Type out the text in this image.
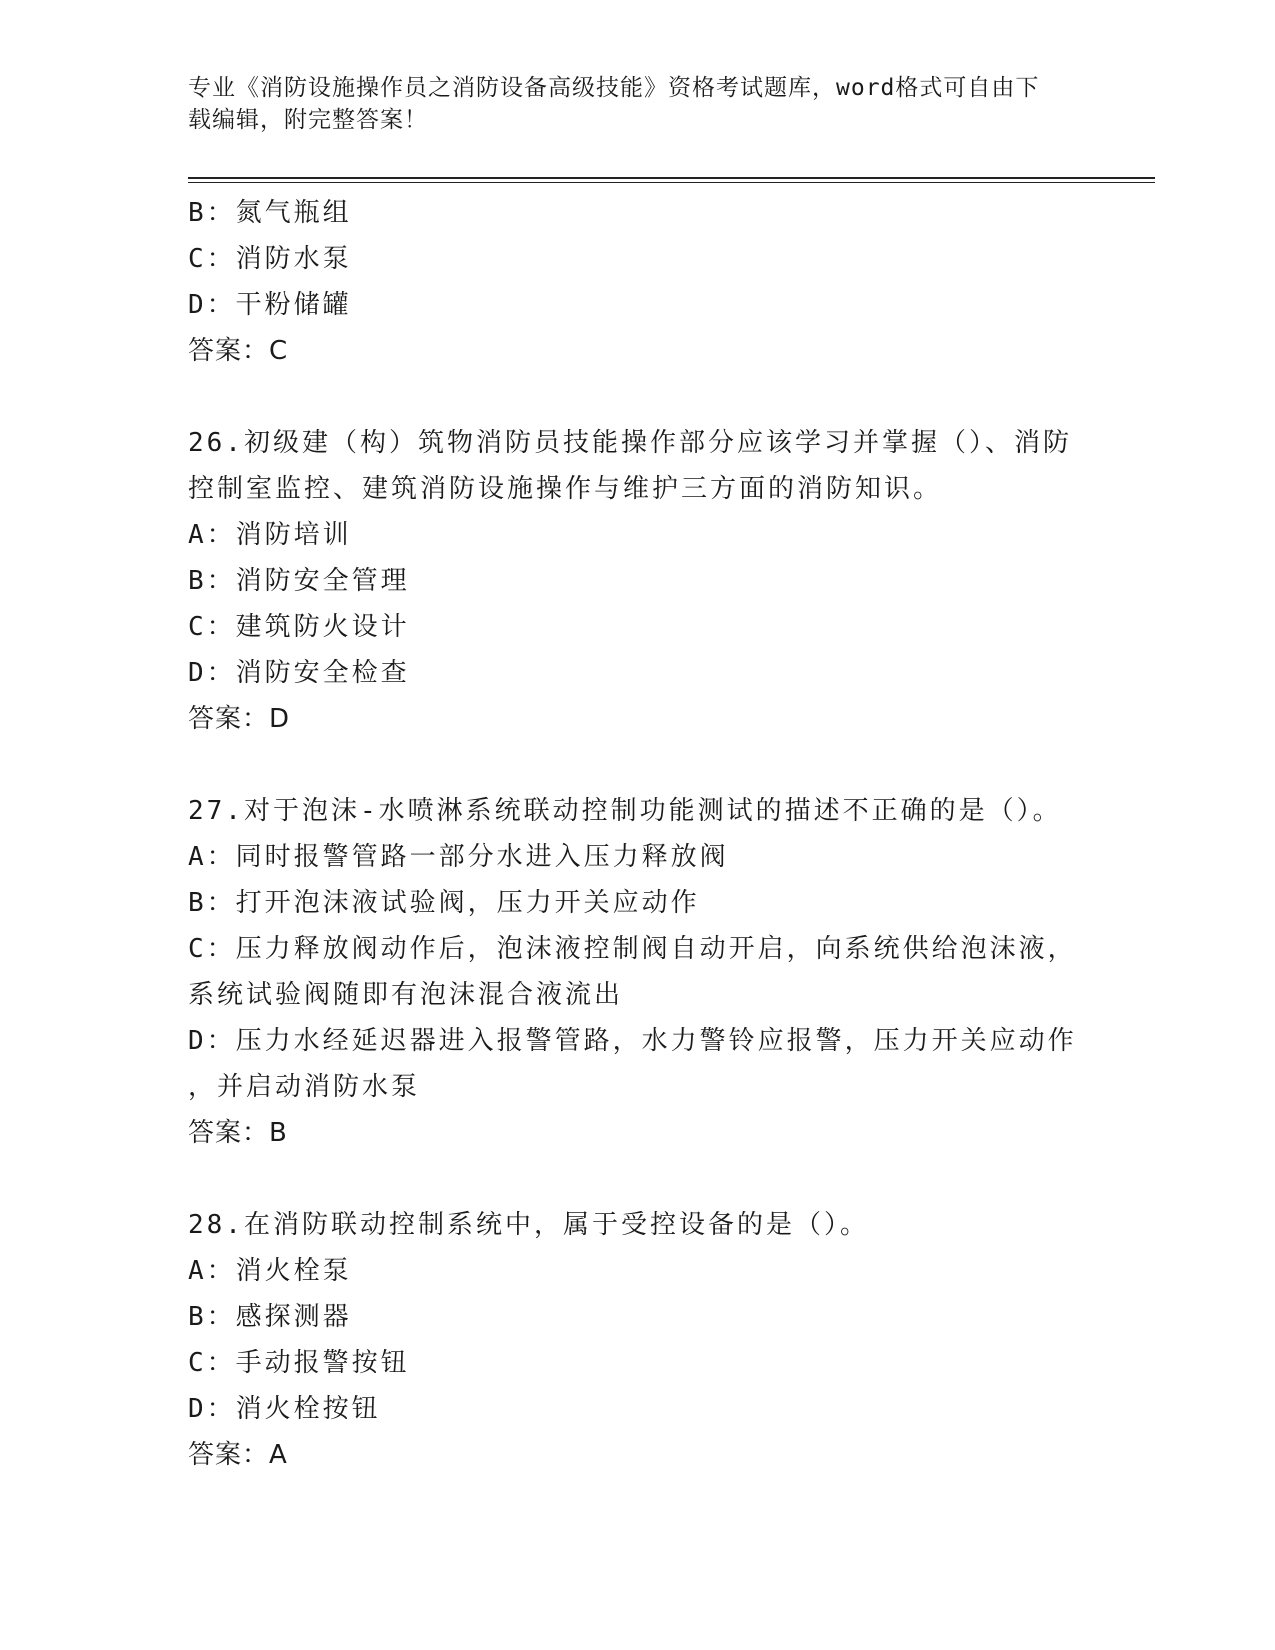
专业《消防设施操作员之消防设备高级技能》资格考试题库，word格式可自由下
载编辑，附完整答案！
B：氮气瓶组
C：消防水泵
D：干粉储罐
答案：C
26.初级建（构）筑物消防员技能操作部分应该学习并掌握（）、消防
控制室监控、建筑消防设施操作与维护三方面的消防知识。
A：消防培训
B：消防安全管理
C：建筑防火设计
D：消防安全检查
答案：D
27.对于泡沫-水喷淋系统联动控制功能测试的描述不正确的是（）。
A：同时报警管路一部分水进入压力释放阀
B：打开泡沫液试验阀，压力开关应动作
C：压力释放阀动作后，泡沫液控制阀自动开启，向系统供给泡沫液，
系统试验阀随即有泡沫混合液流出
D：压力水经延迟器进入报警管路，水力警铃应报警，压力开关应动作
，并启动消防水泵
答案：B
28.在消防联动控制系统中，属于受控设备的是（）。
A：消火栓泵
B：感探测器
C：手动报警按钮
D：消火栓按钮
答案：A
